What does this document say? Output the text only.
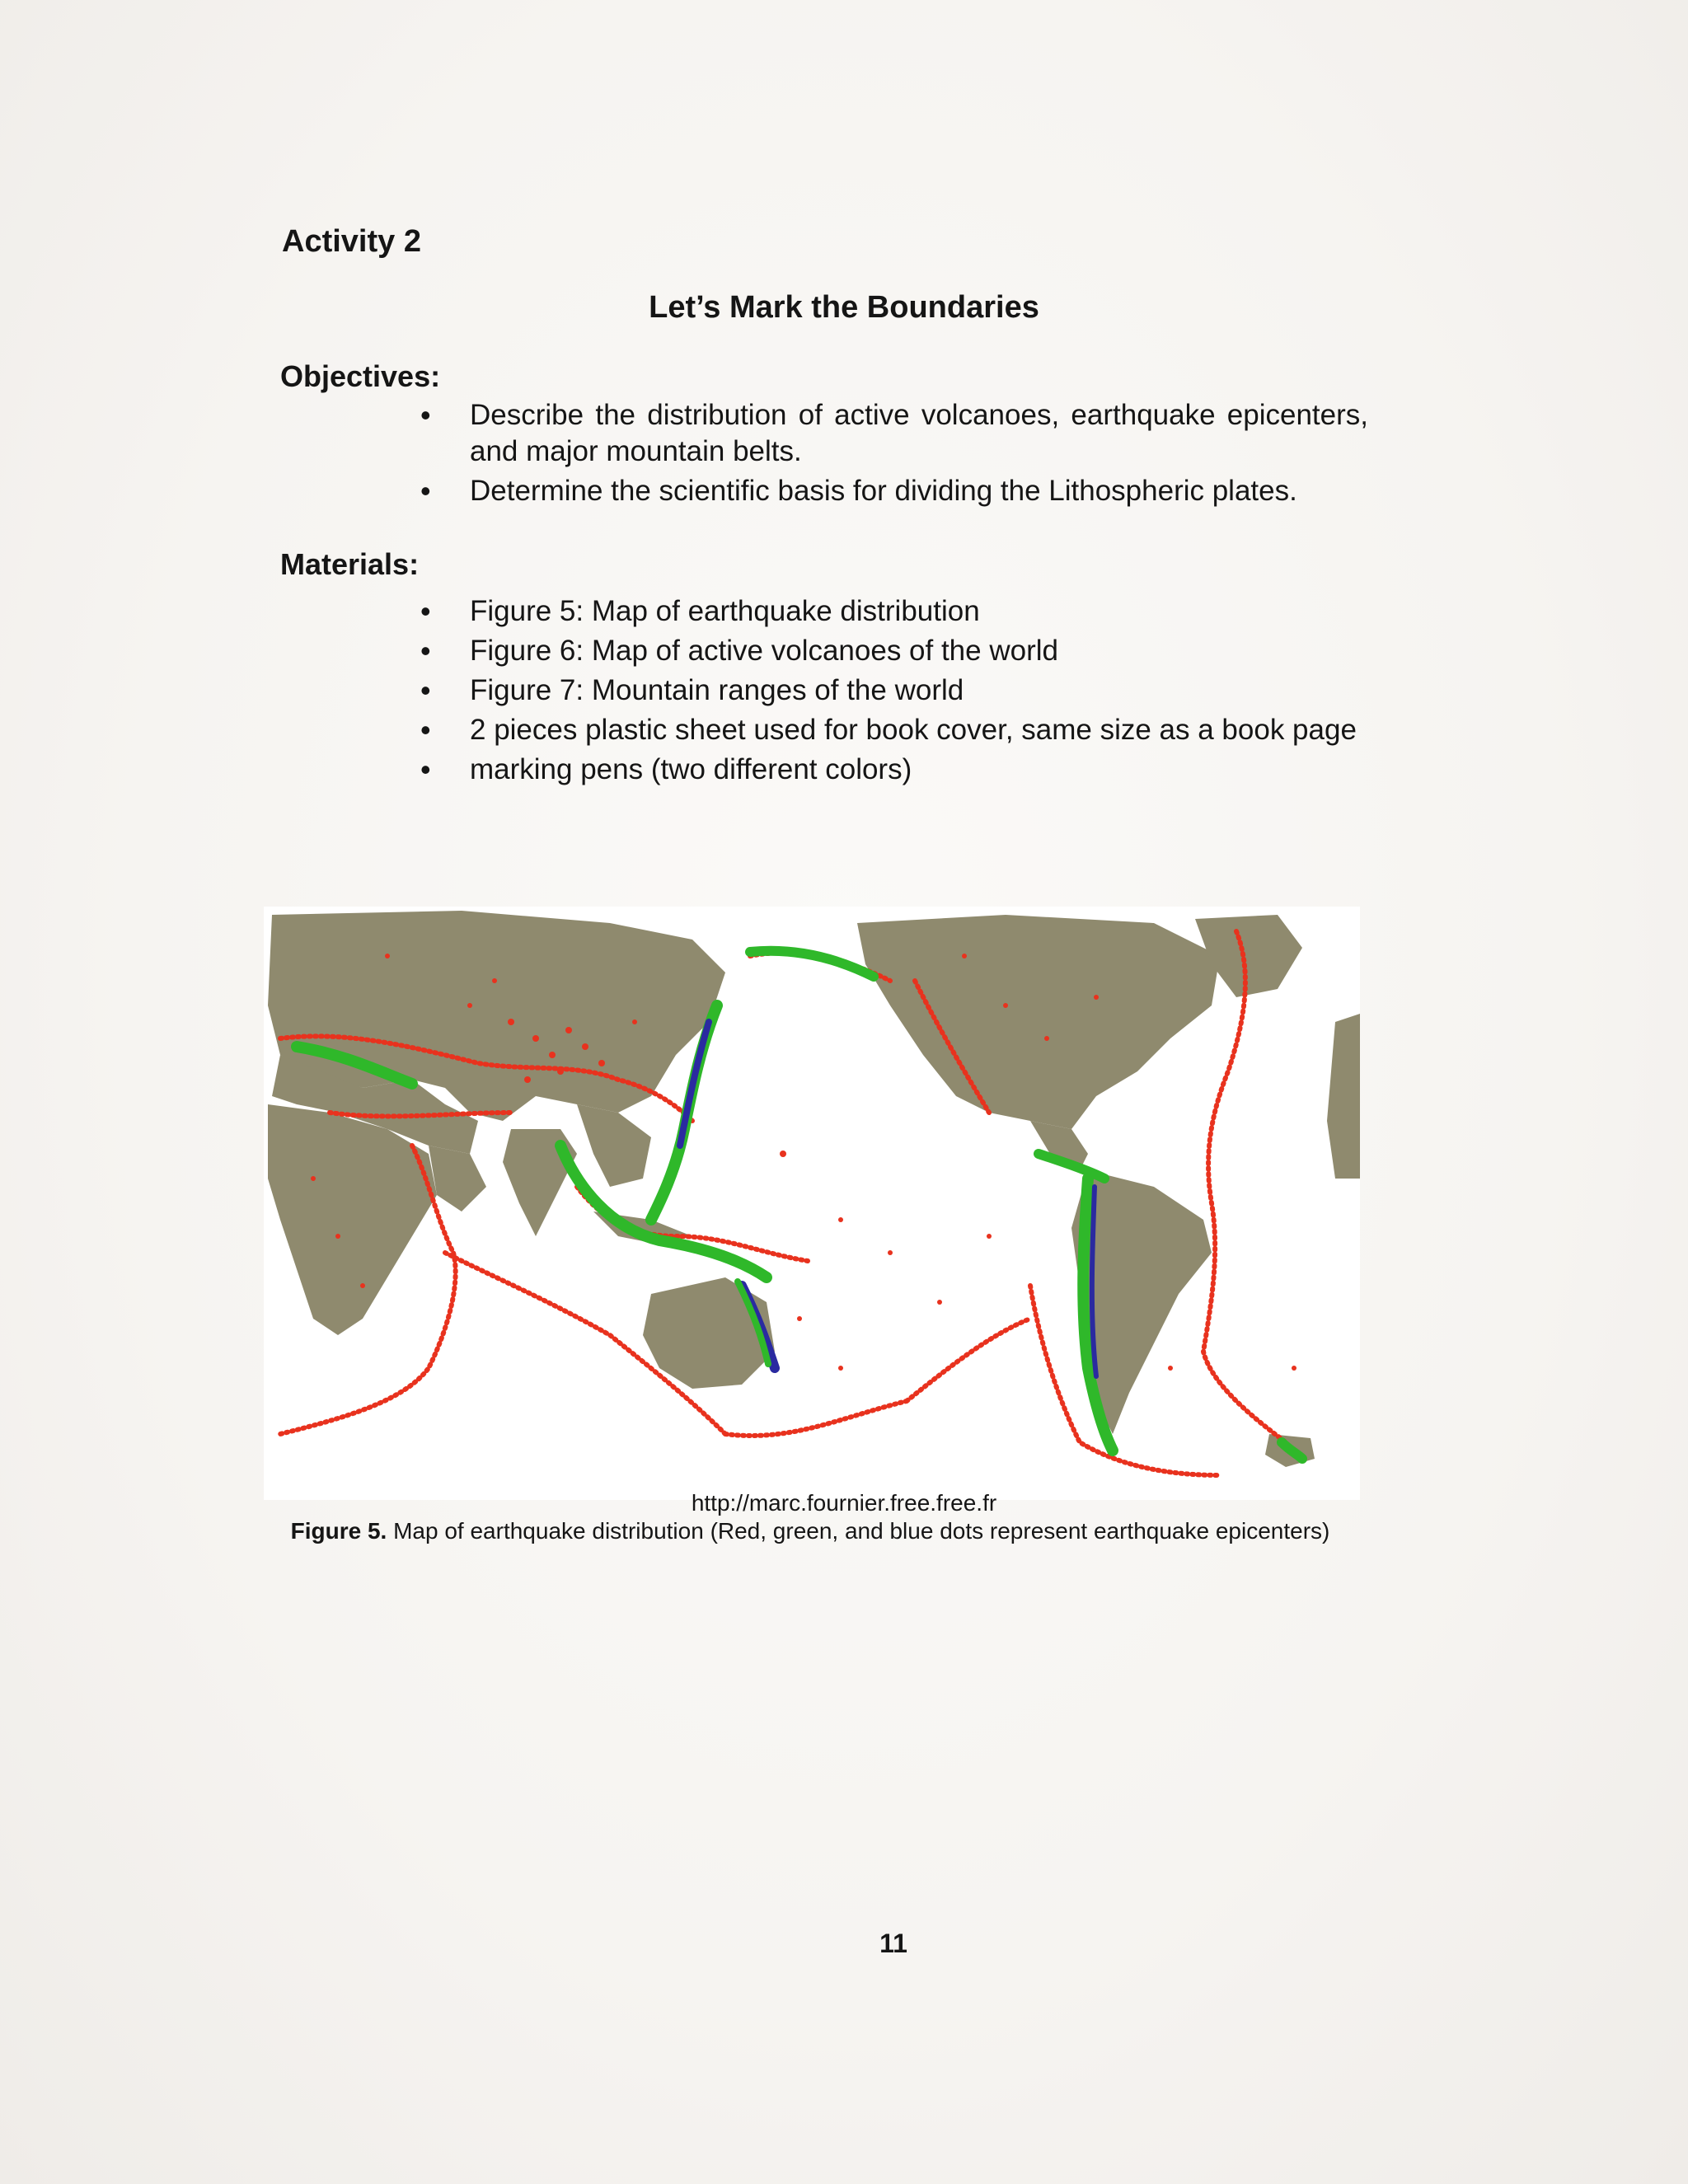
Activity 2
Let’s Mark the Boundaries
Objectives:
• Describe the distribution of active volcanoes, earthquake epicenters, and major mountain belts.
• Determine the scientific basis for dividing the Lithospheric plates.
Materials:
• Figure 5: Map of earthquake distribution
• Figure 6: Map of active volcanoes of the world
• Figure 7: Mountain ranges of the world
• 2 pieces plastic sheet used for book cover, same size as a book page
• marking pens (two different colors)
http://marc.fournier.free.free.fr
Figure 5. Map of earthquake distribution (Red, green, and blue dots represent earthquake epicenters)
11
